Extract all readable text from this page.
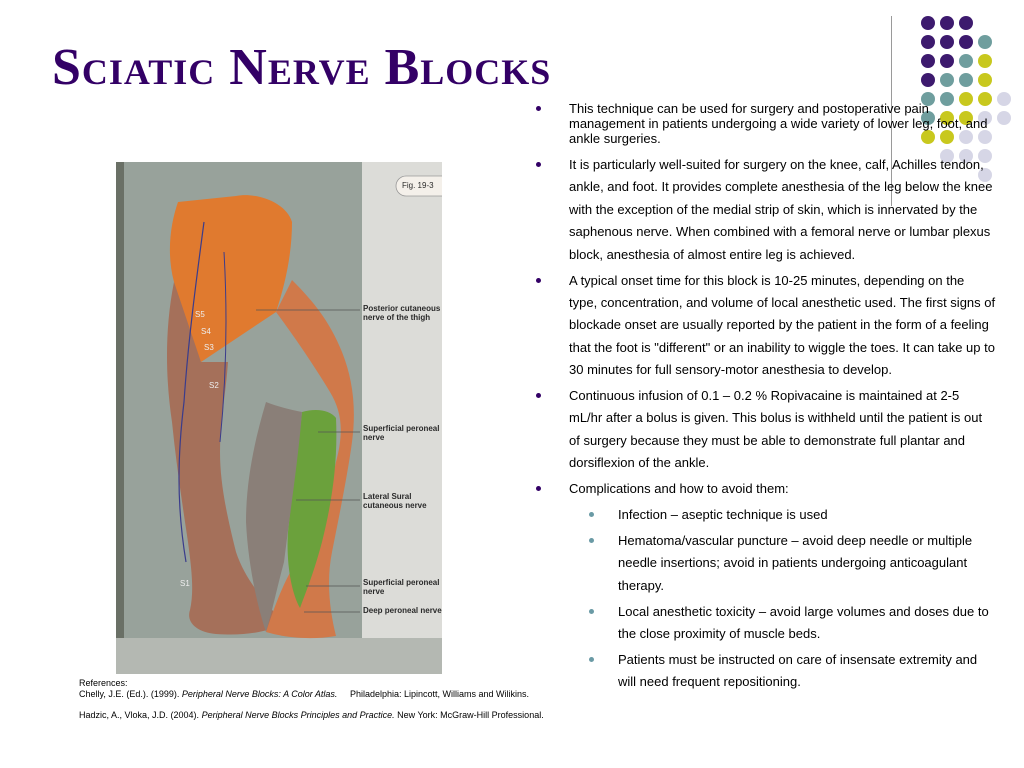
Sciatic Nerve Blocks
Fig. 19-3
Posterior cutaneous nerve of the thigh
Superficial peroneal nerve
Lateral Sural cutaneous nerve
Superficial peroneal nerve
Deep peroneal nerve
S5
S4
S3
S2
S1
This technique can be used for surgery and postoperative pain management in patients undergoing a wide variety of lower leg, foot, and ankle surgeries.
It is particularly well-suited for surgery on the knee, calf, Achilles tendon, ankle, and foot. It provides complete anesthesia of the leg below the knee with the exception of the medial strip of skin, which is innervated by the saphenous nerve. When combined with a femoral nerve or lumbar plexus block, anesthesia of almost entire leg is achieved.
A typical onset time for this block is 10-25 minutes, depending on the type, concentration, and volume of local anesthetic used. The first signs of blockade onset are usually reported by the patient in the form of a feeling that the foot is "different" or an inability to wiggle the toes. It can take up to 30 minutes for full sensory-motor anesthesia to develop.
Continuous infusion of 0.1 – 0.2 % Ropivacaine is maintained at 2-5 mL/hr after a bolus is given. This bolus is withheld until the patient is out of surgery because they must be able to demonstrate full plantar and dorsiflexion of the ankle.
Complications and how to avoid them:
Infection – aseptic technique is used
Hematoma/vascular puncture – avoid deep needle or multiple needle insertions; avoid in patients undergoing anticoagulant therapy.
Local anesthetic toxicity – avoid large volumes and doses due to the close proximity of muscle beds.
Patients must be instructed on care of insensate extremity and will need frequent repositioning.

References:

Chelly, J.E. (Ed.). (1999). Peripheral Nerve Blocks: A Color Atlas.     Philadelphia: Lipincott, Williams and Wilikins.

Hadzic, A., Vloka, J.D. (2004). Peripheral Nerve Blocks Principles and Practice. New York: McGraw-Hill Professional.
